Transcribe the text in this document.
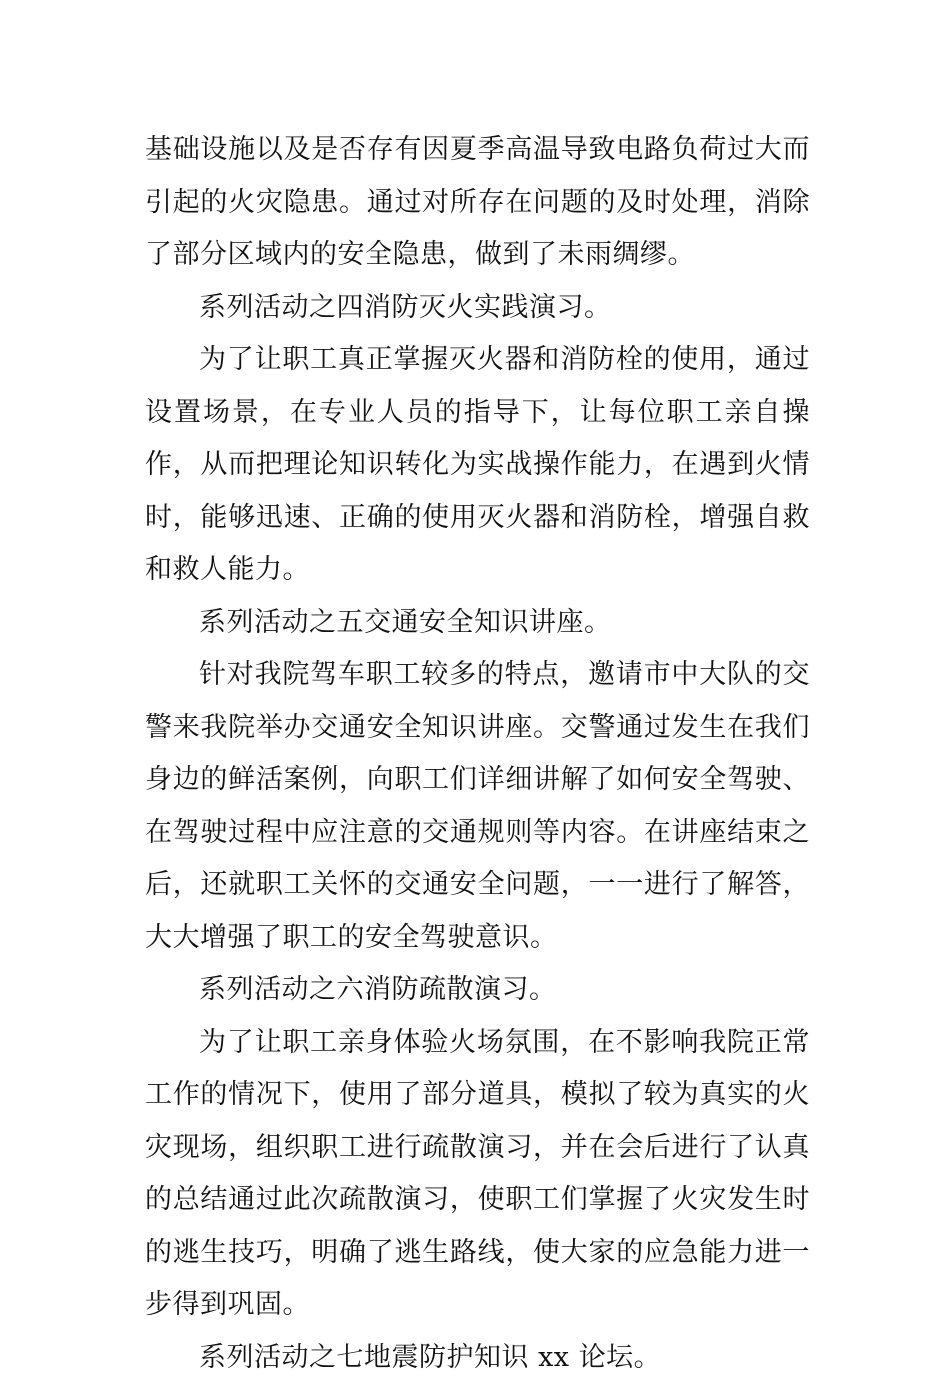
基础设施以及是否存有因夏季高温导致电路负荷过大而引起的火灾隐患。通过对所存在问题的及时处理，消除了部分区域内的安全隐患，做到了未雨绸缪。

系列活动之四消防灭火实践演习。

为了让职工真正掌握灭火器和消防栓的使用，通过设置场景，在专业人员的指导下，让每位职工亲自操作，从而把理论知识转化为实战操作能力，在遇到火情时，能够迅速、正确的使用灭火器和消防栓，增强自救和救人能力。

系列活动之五交通安全知识讲座。

针对我院驾车职工较多的特点，邀请市中大队的交警来我院举办交通安全知识讲座。交警通过发生在我们身边的鲜活案例，向职工们详细讲解了如何安全驾驶、在驾驶过程中应注意的交通规则等内容。在讲座结束之后，还就职工关怀的交通安全问题，一一进行了解答，大大增强了职工的安全驾驶意识。

系列活动之六消防疏散演习。

为了让职工亲身体验火场氛围，在不影响我院正常工作的情况下，使用了部分道具，模拟了较为真实的火灾现场，组织职工进行疏散演习，并在会后进行了认真的总结通过此次疏散演习，使职工们掌握了火灾发生时的逃生技巧，明确了逃生路线，使大家的应急能力进一步得到巩固。

系列活动之七地震防护知识 xx 论坛。
